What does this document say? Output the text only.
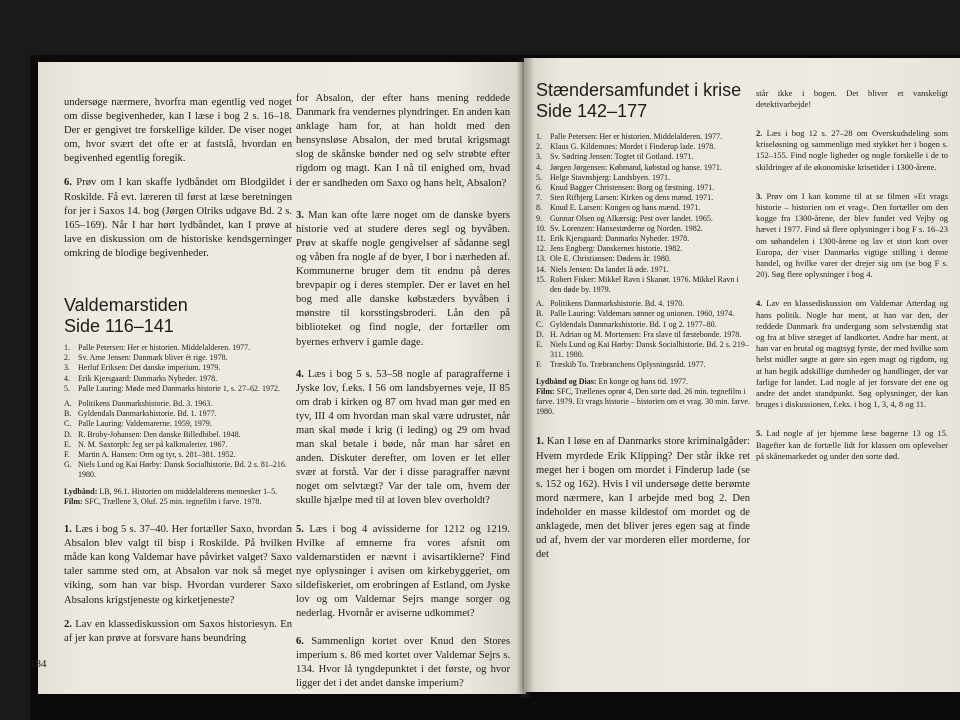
undersøge nærmere, hvorfra man egentlig ved noget om disse begivenheder, kan I læse i bog 2 s. 16–18. Der er gengivet tre forskellige kilder. De viser noget om, hvor svært det ofte er at fastslå, hvordan en begivenhed egentlig foregik.

6. Prøv om I kan skaffe lydbåndet om Blodgildet i Roskilde. Få evt. læreren til først at læse beretningen for jer i Saxos 14. bog (Jørgen Olriks udgave Bd. 2 s. 165–169). Når I har hørt lydbåndet, kan I prøve at lave en diskussion om de historiske kendsgerninger omkring de blodige begivenheder.

Valdemarstiden
Side 116–141
1. Palle Petersen: Her er historien. Middelalderen. 1977.
2. Sv. Arne Jensen: Danmark bliver ét rige. 1978.
3. Herluf Eriksen: Det danske imperium. 1979.
4. Erik Kjersgaard: Danmarks Nyheder. 1978.
5. Palle Lauring: Møde med Danmarks historie 1, s. 27–62. 1972.
A. Politikens Danmarkshistorie. Bd. 3. 1963.
B. Gyldendals Danmarkshistorie. Bd. 1. 1977.
C. Palle Lauring: Valdemarerne. 1959, 1979.
D. R. Broby-Johansen: Den danske Billedbibel. 1948.
E. N. M. Saxtorph: Jeg ser på kalkmalerier. 1967.
F. Martin A. Hansen: Orm og tyr, s. 281–381. 1952.
G. Niels Lund og Kai Hørby: Dansk Socialhistorie. Bd. 2 s. 81–216. 1980.

Lydbånd: LB, 96.1. Historien om middelalderens mennesker 1–5.
Film: SFC, Trællene 3, Oluf. 25 min. tegnefilm i farve. 1978.

1. Læs i bog 5 s. 37–40. Her fortæller Saxo, hvordan Absalon blev valgt til bisp i Roskilde. På hvilken måde kan kong Valdemar have påvirket valget? Saxo taler samme sted om, at Absalon var nok så meget viking, som han var bisp. Hvordan vurderer Saxo Absalons krigstjeneste og kirketjeneste?

2. Lav en klassediskussion om Saxos historiesyn. En af jer kan prøve at forsvare hans beundring

for Absalon, der efter hans mening reddede Danmark fra vendernes plyndringer. En anden kan anklage ham for, at han holdt med den hensynsløse Absalon, der med brutal krigsmagt slog de skånske bønder ned og selv strøbte efter rigdom og magt. Kan I nå til enighed om, hvad der er sandheden om Saxo og hans helt, Absalon?

3. Man kan ofte lære noget om de danske byers historie ved at studere deres segl og byvåben. Prøv at skaffe nogle gengivelser af sådanne segl og våben fra nogle af de byer, I bor i nærheden af. Kommunerne bruger dem tit endnu på deres brevpapir og i deres stempler. Der er lavet en hel bog med alle danske købstæders byvåben i mønstre til korsstingsbroderi. Lån den på biblioteket og find nogle, der fortæller om byernes erhverv i gamle dage.

4. Læs i bog 5 s. 53–58 nogle af paragrafferne i Jyske lov, f.eks. I 56 om landsbyernes veje, II 85 om drab i kirken og 87 om hvad man gør med en tyv, III 4 om hvordan man skal være udrustet, når man skal møde i krig (i leding) og 29 om hvad man skal betale i bøde, når man har såret en anden. Diskuter derefter, om loven er let eller svær at forstå. Var der i disse paragraffer nævnt noget om selvtægt? Var der tale om, hvem der skulle hjælpe med til at loven blev overholdt?

5. Læs i bog 4 avissiderne for 1212 og 1219. Hvilke af emnerne fra vores afsnit om valdemarstiden er nævnt i avisartiklerne? Find nye oplysninger i avisen om kirkebyggeriet, om sildefiskeriet, om erobringen af Estland, om Jyske lov og om Valdemar Sejrs mange sorger og nederlag. Hvornår er aviserne udkommet?

6. Sammenlign kortet over Knud den Stores imperium s. 86 med kortet over Valdemar Sejrs s. 134. Hvor lå tyngdepunktet i det første, og hvor ligger det i det andet danske imperium?

184
Stændersamfundet i krise
Side 142–177
1. Palle Petersen: Her er historien. Middelalderen. 1977.
2. Klaus G. Kildemoes: Mordet i Finderup lade. 1978.
3. Sv. Sødring Jensen: Togtet til Gotland. 1971.
4. Jørgen Jørgensen: Købmand, købstad og hanse. 1971.
5. Helge Stavnsbjerg: Landsbyen. 1971.
6. Knud Bagger Christensen: Borg og fæstning. 1971.
7. Sten Rifbjerg Larsen: Kirken og dens mænd. 1971.
8. Knud E. Larsen: Kongen og hans mænd. 1971.
9. Gunnar Olsen og Alkærsig: Pest over landet. 1965.
10. Sv. Lorenzen: Hansestæderne og Norden. 1982.
11. Erik Kjersgaard: Danmarks Nyheder. 1978.
12. Jens Engberg: Danskernes historie. 1982.
13. Ole E. Christiansen: Dødens år. 1980.
14. Niels Jensen: Da landet lå øde. 1971.
15. Robert Fisker: Mikkel Ravn i Skanør. 1976. Mikkel Ravn i den døde by. 1979.
A. Politikens Danmarkshistorie. Bd. 4. 1970.
B. Palle Lauring: Valdemars sønner og unionen. 1960, 1974.
C. Gyldendals Danmarkshistorie. Bd. 1 og 2. 1977–80.
D. H. Adrian og M. Mortensen: Fra slave til fæstebonde. 1978.
E. Niels Lund og Kai Hørby: Dansk Socialhistorie. Bd. 2 s. 219–311. 1980.
F. Træskib To. Træbranchens Oplysningsråd. 1977.

Lydbånd og Dias: En konge og hans tid. 1977.
Film: SFC, Trællenes oprør 4, Den sorte død. 26 min. tegnefilm i farve. 1979. Et vrags historie – historien om et vrag. 30 min. farve. 1980.

1. Kan I løse en af Danmarks store kriminalgåder: Hvem myrdede Erik Klipping? Der står ikke ret meget her i bogen om mordet i Finderup lade (se s. 152 og 162). Hvis I vil undersøge dette berømte mord nærmere, kan I arbejde med bog 2. Den indeholder en masse kildestof om mordet og de anklagede, men det bliver jeres egen sag at finde ud af, hvem der var morderen eller morderne, for det

står ikke i bogen. Det bliver et vanskeligt detektivarbejde!

2. Læs i bog 12 s. 27–28 om Overskudsdeling som kriseløsning og sammenlign med stykket her i bogen s. 152–155. Find nogle ligheder og nogle forskelle i de to skildringer af de økonomiske krisetider i 1300-årene.

3. Prøv om I kan komme til at se filmen »Et vrags historie – historien om et vrag«. Den fortæller om den kogge fra 1300-årene, der blev fundet ved Vejby og hævet i 1977. Find så flere oplysninger i bog F s. 16–23 om søhandelen i 1300-årene og lav et stort kort over Europa, der viser Danmarks vigtige stilling i denne handel, og hvilke varer der drejer sig om (se bog F s. 20). Søg flere oplysninger i bog 4.

4. Lav en klassediskussion om Valdemar Atterdag og hans politik. Nogle har ment, at han var den, der reddede Danmark fra undergang som selvstændig stat og fra at blive stræget af landkortet. Andre har ment, at han var en brutal og magtsyg fyrste, der med hvilke som helst midler søgte at gøre sin egen magt og rigdom, og at han begik adskillige dumheder og handlinger, der var farlige for landet. Lad nogle af jer forsvare det ene og andre det andet standpunkt. Søg oplysninger, der kan bruges i diskussionen, f.eks. i bog 1, 3, 4, 8 og 11.

5. Lad nogle af jer hjemme læse bøgerne 13 og 15. Bagefter kan de fortælle lidt for klassen om oplevelser på skånemarkedet og under den sorte død.
